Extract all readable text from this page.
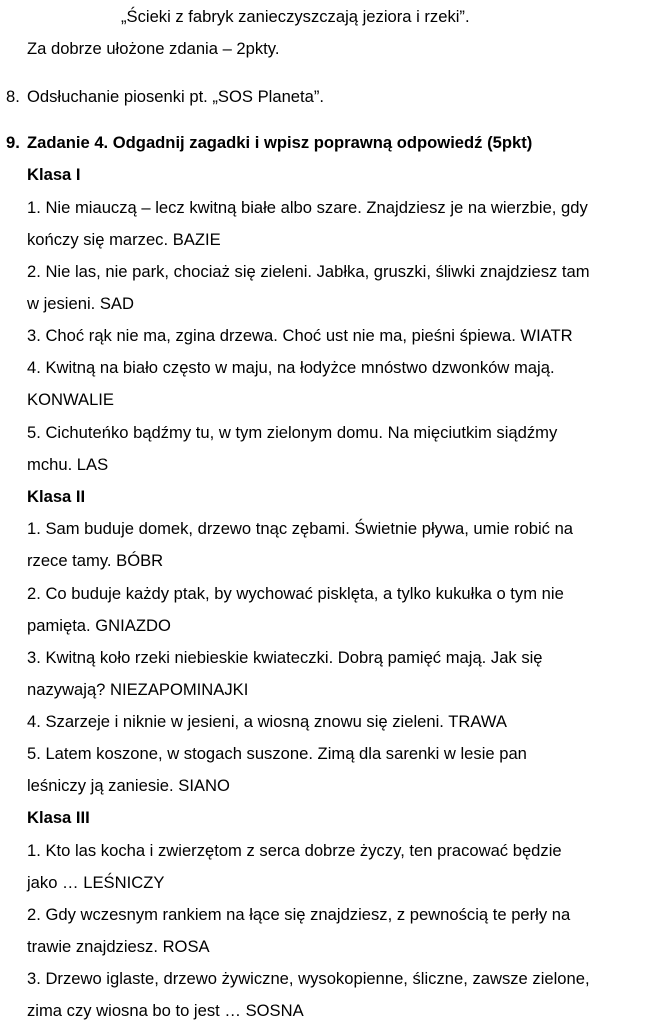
„Ścieki z fabryk zanieczyszczają jeziora i rzeki”.
Za dobrze ułożone zdania – 2pkty.
8. Odsłuchanie piosenki pt. „SOS Planeta”.
9. Zadanie 4. Odgadnij zagadki i wpisz poprawną odpowiedź (5pkt)
Klasa I
1. Nie miauczą – lecz kwitną białe albo szare. Znajdziesz je na wierzbie, gdy
kończy się marzec. BAZIE
2. Nie las, nie park, chociaż się zieleni. Jabłka, gruszki, śliwki znajdziesz tam
w jesieni. SAD
3. Choć rąk nie ma, zgina drzewa. Choć ust nie ma, pieśni śpiewa. WIATR
4. Kwitną na biało często w maju, na łodyżce mnóstwo dzwonków mają.
KONWALIE
5. Cichuteńko bądźmy tu, w tym zielonym domu. Na mięciutkim siądźmy
mchu. LAS
Klasa II
1. Sam buduje domek, drzewo tnąc zębami. Świetnie pływa, umie robić na
rzece tamy. BÓBR
2. Co buduje każdy ptak, by wychować pisklęta, a tylko kukułka o tym nie
pamięta. GNIAZDO
3. Kwitną koło rzeki niebieskie kwiateczki. Dobrą pamięć mają. Jak się
nazywają? NIEZAPOMINAJKI
4. Szarzeje i niknie w jesieni, a wiosną znowu się zieleni. TRAWA
5. Latem koszone, w stogach suszone. Zimą dla sarenki w lesie pan
leśniczy ją zaniesie. SIANO
Klasa III
1. Kto las kocha i zwierzętom z serca dobrze życzy, ten pracować będzie
jako … LEŚNICZY
2. Gdy wczesnym rankiem na łące się znajdziesz, z pewnością te perły na
trawie znajdziesz. ROSA
3. Drzewo iglaste, drzewo żywiczne, wysokopienne, śliczne, zawsze zielone,
zima czy wiosna bo to jest … SOSNA
